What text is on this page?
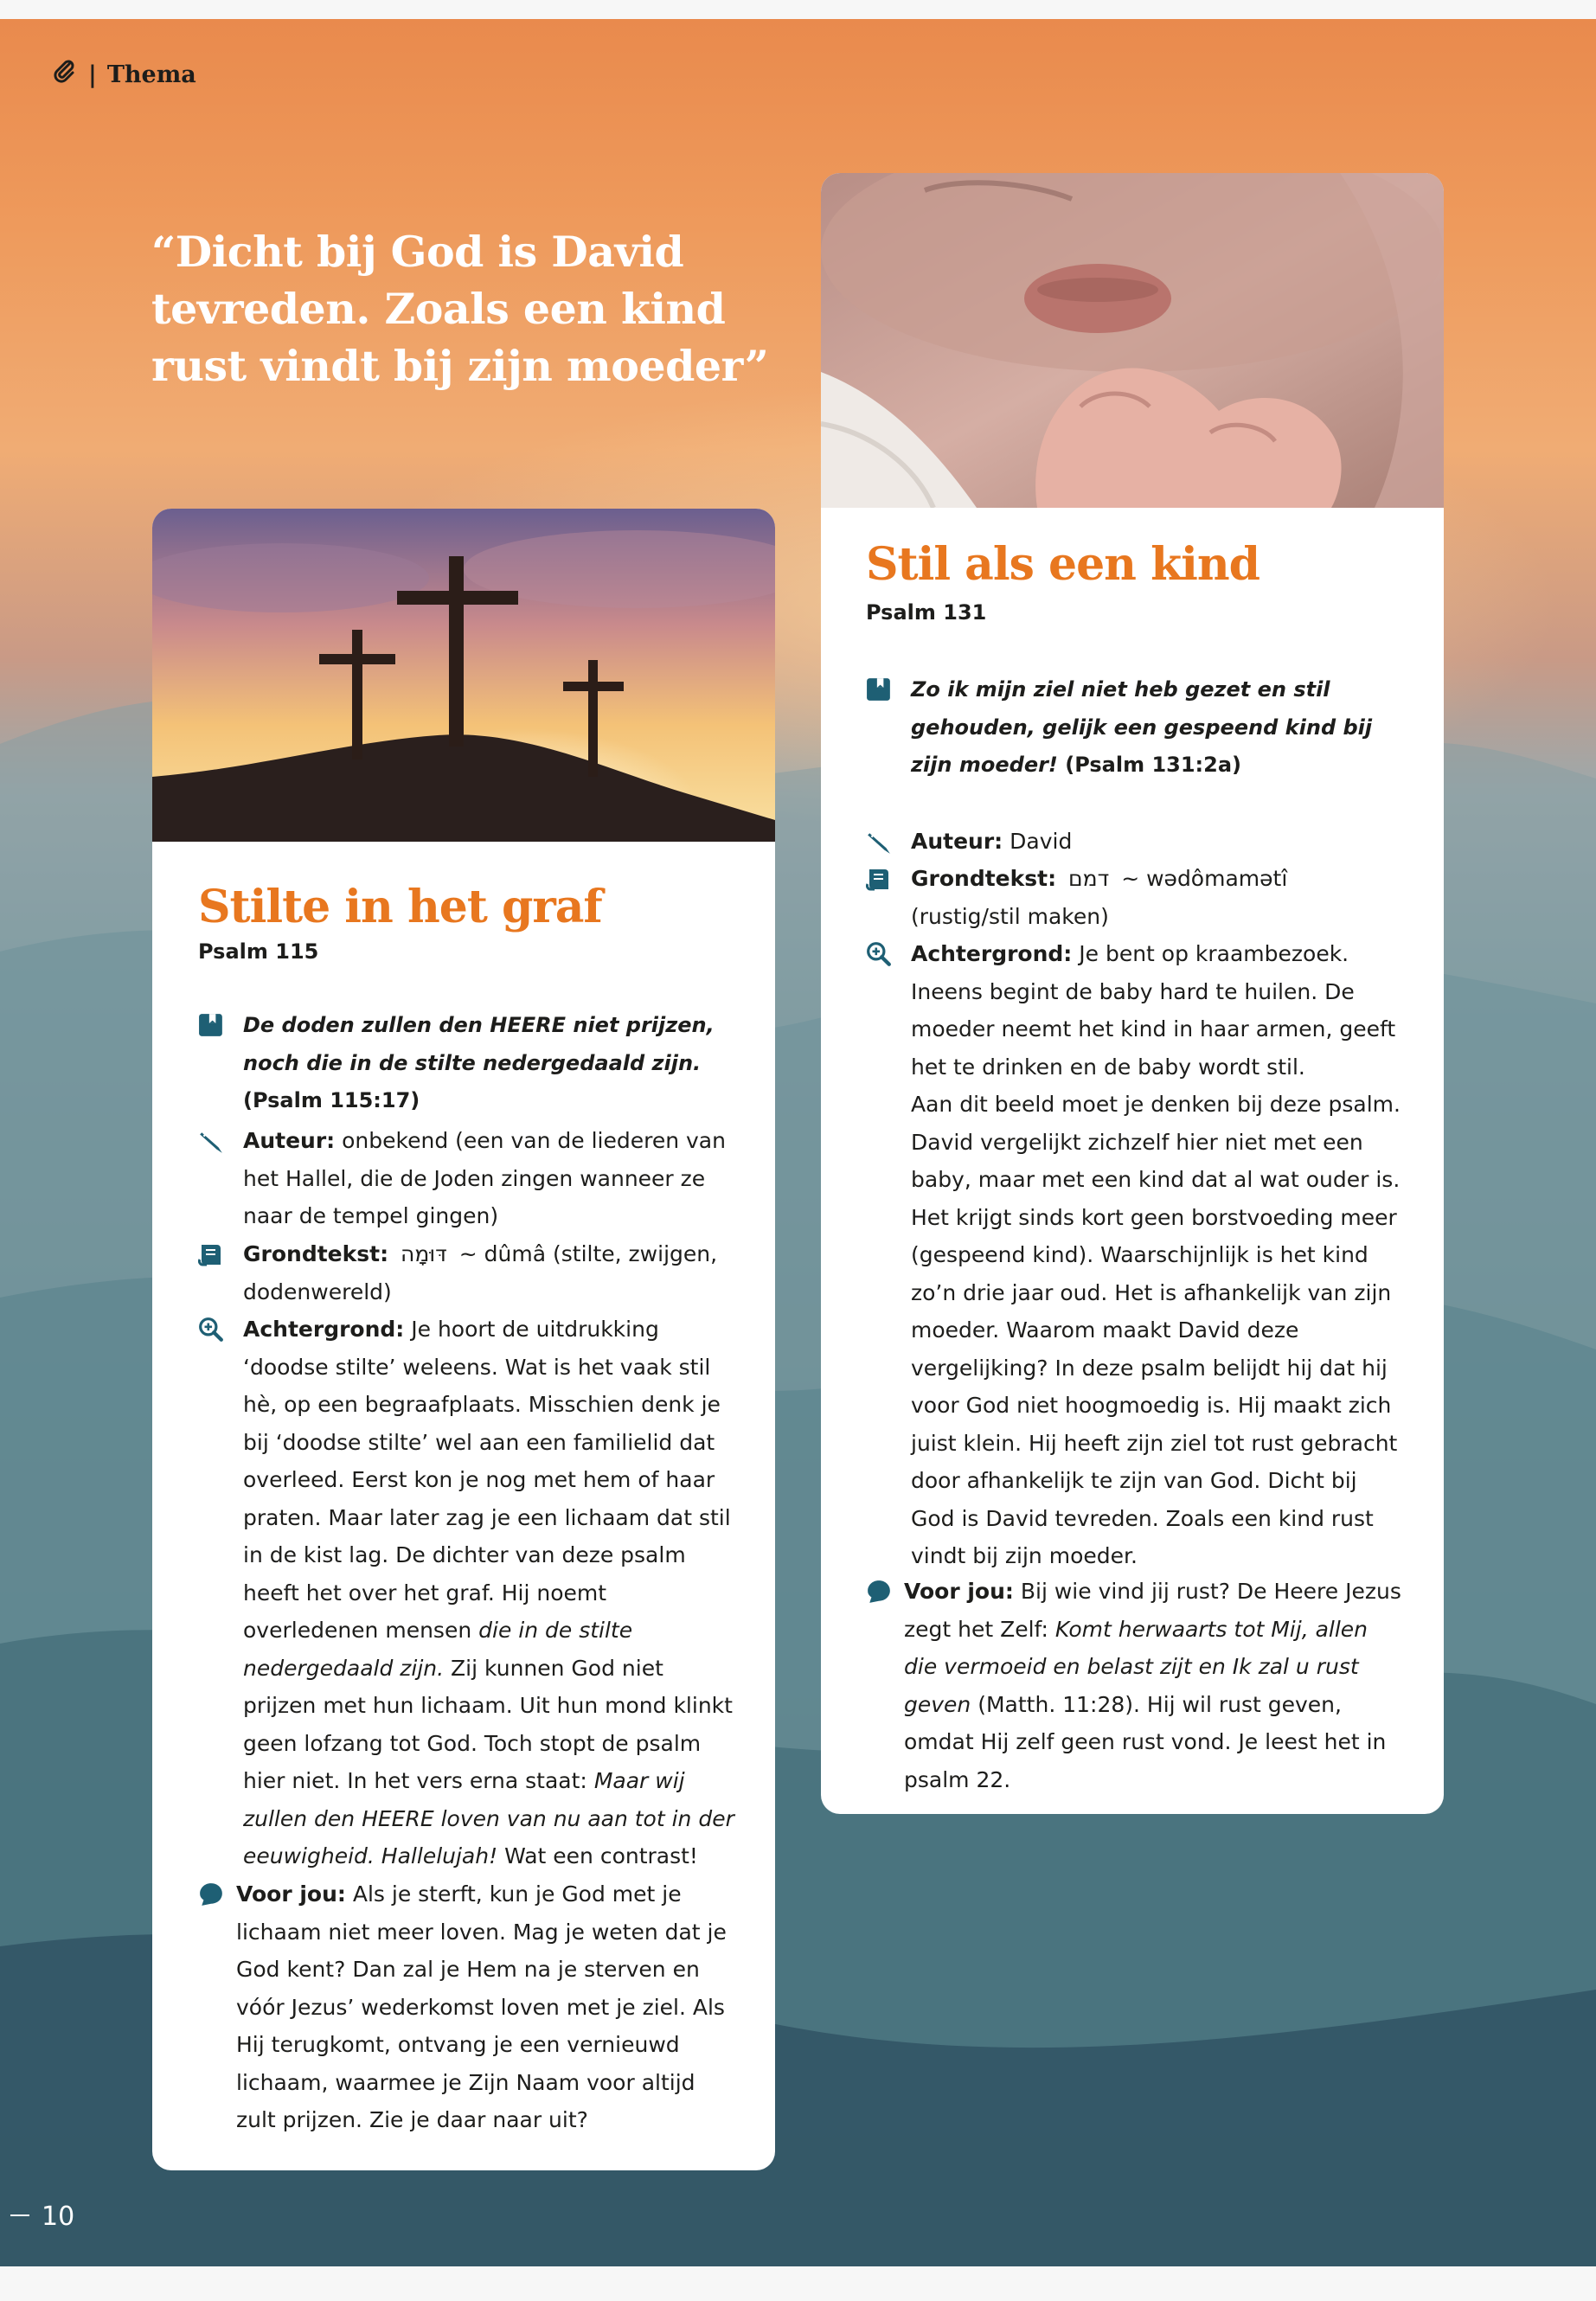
| Thema
“Dicht bij God is David tevreden. Zoals een kind rust vindt bij zijn moeder”
Stilte in het graf
Psalm 115
De doden zullen den HEERE niet prijzen, noch die in de stilte nedergedaald zijn. (Psalm 115:17)
Auteur: onbekend (een van de liederen van het Hallel, die de Joden zingen wanneer ze naar de tempel gingen)
Grondtekst: דּוּמָה ~ dûmâ (stilte, zwijgen, dodenwereld)
Achtergrond: Je hoort de uitdrukking ‘doodse stilte’ weleens. Wat is het vaak stil hè, op een begraafplaats. Misschien denk je bij ‘doodse stilte’ wel aan een familielid dat overleed. Eerst kon je nog met hem of haar praten. Maar later zag je een lichaam dat stil in de kist lag. De dichter van deze psalm heeft het over het graf. Hij noemt overledenen mensen die in de stilte nedergedaald zijn. Zij kunnen God niet prijzen met hun lichaam. Uit hun mond klinkt geen lofzang tot God. Toch stopt de psalm hier niet. In het vers erna staat: Maar wij zullen den HEERE loven van nu aan tot in der eeuwigheid. Hallelujah! Wat een contrast!
Voor jou: Als je sterft, kun je God met je lichaam niet meer loven. Mag je weten dat je God kent? Dan zal je Hem na je sterven en vóór Jezus’ wederkomst loven met je ziel. Als Hij terugkomt, ontvang je een vernieuwd lichaam, waarmee je Zijn Naam voor altijd zult prijzen. Zie je daar naar uit?
Stil als een kind
Psalm 131
Zo ik mijn ziel niet heb gezet en stil gehouden, gelijk een gespeend kind bij zijn moeder! (Psalm 131:2a)
Auteur: David
Grondtekst: דמם ~ wədômamətî (rustig/stil maken)
Achtergrond: Je bent op kraambezoek. Ineens begint de baby hard te huilen. De moeder neemt het kind in haar armen, geeft het te drinken en de baby wordt stil.
Aan dit beeld moet je denken bij deze psalm. David vergelijkt zichzelf hier niet met een baby, maar met een kind dat al wat ouder is. Het krijgt sinds kort geen borstvoeding meer (gespeend kind). Waarschijnlijk is het kind zo’n drie jaar oud. Het is afhankelijk van zijn moeder. Waarom maakt David deze vergelijking? In deze psalm belijdt hij dat hij voor God niet hoogmoedig is. Hij maakt zich juist klein. Hij heeft zijn ziel tot rust gebracht door afhankelijk te zijn van God. Dicht bij God is David tevreden. Zoals een kind rust vindt bij zijn moeder.
Voor jou: Bij wie vind jij rust? De Heere Jezus zegt het Zelf: Komt herwaarts tot Mij, allen die vermoeid en belast zijt en Ik zal u rust geven (Matth. 11:28). Hij wil rust geven, omdat Hij zelf geen rust vond. Je leest het in psalm 22.
10
